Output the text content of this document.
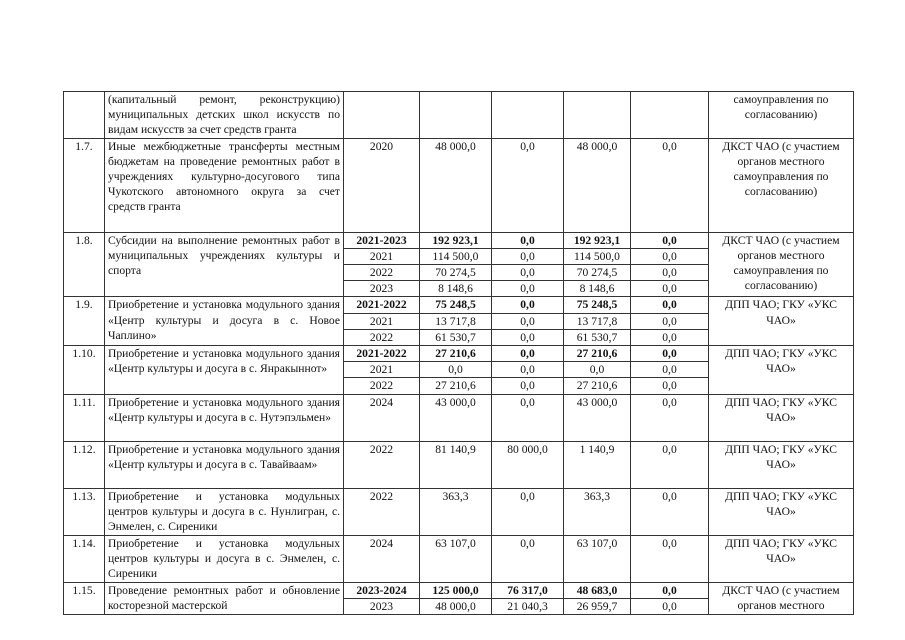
	(капитальный ремонт, реконструкцию) муниципальных детских школ искусств по видам искусств за счет средств гранта						самоуправления по согласованию)
1.7.	Иные межбюджетные трансферты местным бюджетам на проведение ремонтных работ в учреждениях культурно-досугового типа Чукотского автономного округа за счет средств гранта	2020	48 000,0	0,0	48 000,0	0,0	ДКСТ ЧАО (с участием органов местного самоуправления по согласованию)
1.8.	Субсидии на выполнение ремонтных работ в муниципальных учреждениях культуры и спорта	2021-2023	192 923,1	0,0	192 923,1	0,0	ДКСТ ЧАО (с участием органов местного самоуправления по согласованию)
		2021	114 500,0	0,0	114 500,0	0,0	
		2022	70 274,5	0,0	70 274,5	0,0	
		2023	8 148,6	0,0	8 148,6	0,0	
1.9.	Приобретение и установка модульного здания «Центр культуры и досуга в с. Новое Чаплино»	2021-2022	75 248,5	0,0	75 248,5	0,0	ДПП ЧАО; ГКУ «УКС ЧАО»
		2021	13 717,8	0,0	13 717,8	0,0	
		2022	61 530,7	0,0	61 530,7	0,0	
1.10.	Приобретение и установка модульного здания «Центр культуры и досуга в с. Янракыннот»	2021-2022	27 210,6	0,0	27 210,6	0,0	ДПП ЧАО; ГКУ «УКС ЧАО»
		2021	0,0	0,0	0,0	0,0	
		2022	27 210,6	0,0	27 210,6	0,0	
1.11.	Приобретение и установка модульного здания «Центр культуры и досуга в с. Нутэпэльмен»	2024	43 000,0	0,0	43 000,0	0,0	ДПП ЧАО; ГКУ «УКС ЧАО»
1.12.	Приобретение и установка модульного здания «Центр культуры и досуга в с. Тавайваам»	2022	81 140,9	80 000,0	1 140,9	0,0	ДПП ЧАО; ГКУ «УКС ЧАО»
1.13.	Приобретение и установка модульных центров культуры и досуга в с. Нунлигран, с. Энмелен, с. Сиреники	2022	363,3	0,0	363,3	0,0	ДПП ЧАО; ГКУ «УКС ЧАО»
1.14.	Приобретение и установка модульных центров культуры и досуга в с. Энмелен, с. Сиреники	2024	63 107,0	0,0	63 107,0	0,0	ДПП ЧАО; ГКУ «УКС ЧАО»
1.15.	Проведение ремонтных работ и обновление косторезной мастерской	2023-2024	125 000,0	76 317,0	48 683,0	0,0	ДКСТ ЧАО (с участием органов местного
		2023	48 000,0	21 040,3	26 959,7	0,0	
